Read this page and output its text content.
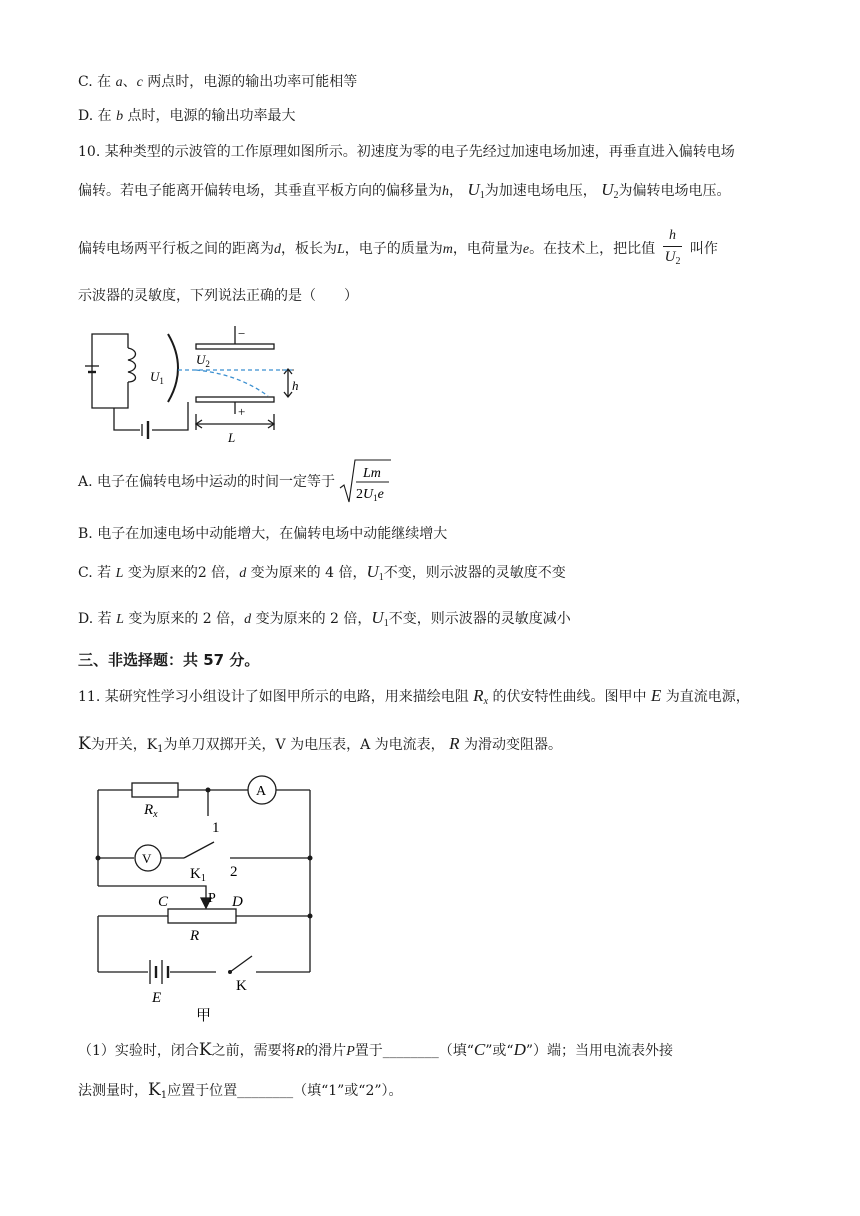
C. 在 a、c 两点时，电源的输出功率可能相等
D. 在 b 点时，电源的输出功率最大
10. 某种类型的示波管的工作原理如图所示。初速度为零的电子先经过加速电场加速，再垂直进入偏转电场
偏转。若电子能离开偏转电场，其垂直平板方向的偏移量为h， $U_1$为加速电场电压， $U_2$为偏转电场电压。
偏转电场两平行板之间的距离为d，板长为L，电子的质量为m，电荷量为e。在技术上，把比值 $\frac{h}{U_2}$ 叫作
示波器的灵敏度，下列说法正确的是（　　）
−
+
$U_2$
$U_1$	h
L
A. 电子在偏转电场中运动的时间一定等于
Lm
$2U_1e$
B. 电子在加速电场中动能增大，在偏转电场中动能继续增大
C. 若 L 变为原来的2 倍，d 变为原来的 4 倍，$U_1$不变，则示波器的灵敏度不变
D. 若 L 变为原来的 2 倍，d 变为原来的 2 倍，$U_1$不变，则示波器的灵敏度减小
三、非选择题：共 57 分。
11. 某研究性学习小组设计了如图甲所示的电路，用来描绘电阻 $R_x$ 的伏安特性曲线。图甲中 E 为直流电源，
K为开关，$K_1$为单刀双掷开关，V 为电压表，A 为电流表， R 为滑动变阻器。
$R_x$
A
V
1
2
$K_1$
P
C	D
R
E
K
甲
（1）实验时，闭合K之前，需要将R的滑片P置于________（填“C”或“D”）端；当用电流表外接
法测量时，$K_1$应置于位置________（填“1”或“2”）。
